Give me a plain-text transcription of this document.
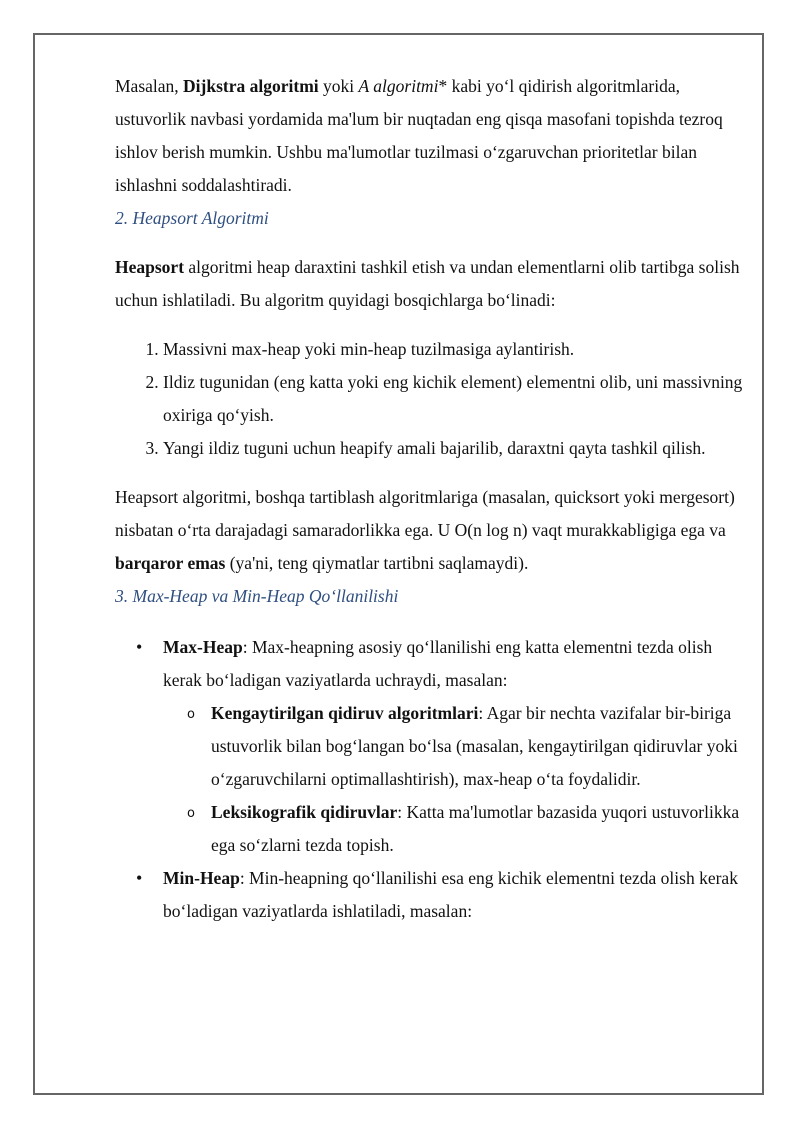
Masalan, Dijkstra algoritmi yoki A algoritmi* kabi yo‘l qidirish algoritmlarida, ustuvorlik navbasi yordamida ma'lum bir nuqtadan eng qisqa masofani topishda tezroq ishlov berish mumkin. Ushbu ma'lumotlar tuzilmasi o‘zgaruvchan prioritetlar bilan ishlashni soddalashtiradi.

2. Heapsort Algoritmi

Heapsort algoritmi heap daraxtini tashkil etish va undan elementlarni olib tartibga solish uchun ishlatiladi. Bu algoritm quyidagi bosqichlarga bo‘linadi:

1. Massivni max-heap yoki min-heap tuzilmasiga aylantirish.
2. Ildiz tugunidan (eng katta yoki eng kichik element) elementni olib, uni massivning oxiriga qo‘yish.
3. Yangi ildiz tuguni uchun heapify amali bajarilib, daraxtni qayta tashkil qilish.

Heapsort algoritmi, boshqa tartiblash algoritmlariga (masalan, quicksort yoki mergesort) nisbatan o‘rta darajadagi samaradorlikka ega. U O(n log n) vaqt murakkabligiga ega va barqaror emas (ya'ni, teng qiymatlar tartibni saqlamaydi).

3. Max-Heap va Min-Heap Qo‘llanilishi
• Max-Heap: Max-heapning asosiy qo‘llanilishi eng katta elementni tezda olish kerak bo‘ladigan vaziyatlarda uchraydi, masalan:
o Kengaytirilgan qidiruv algoritmlari: Agar bir nechta vazifalar bir-biriga ustuvorlik bilan bog‘langan bo‘lsa (masalan, kengaytirilgan qidiruvlar yoki o‘zgaruvchilarni optimallashtirish), max-heap o‘ta foydalidir.
o Leksikografik qidiruvlar: Katta ma'lumotlar bazasida yuqori ustuvorlikka ega so‘zlarni tezda topish.
• Min-Heap: Min-heapning qo‘llanilishi esa eng kichik elementni tezda olish kerak bo‘ladigan vaziyatlarda ishlatiladi, masalan:
